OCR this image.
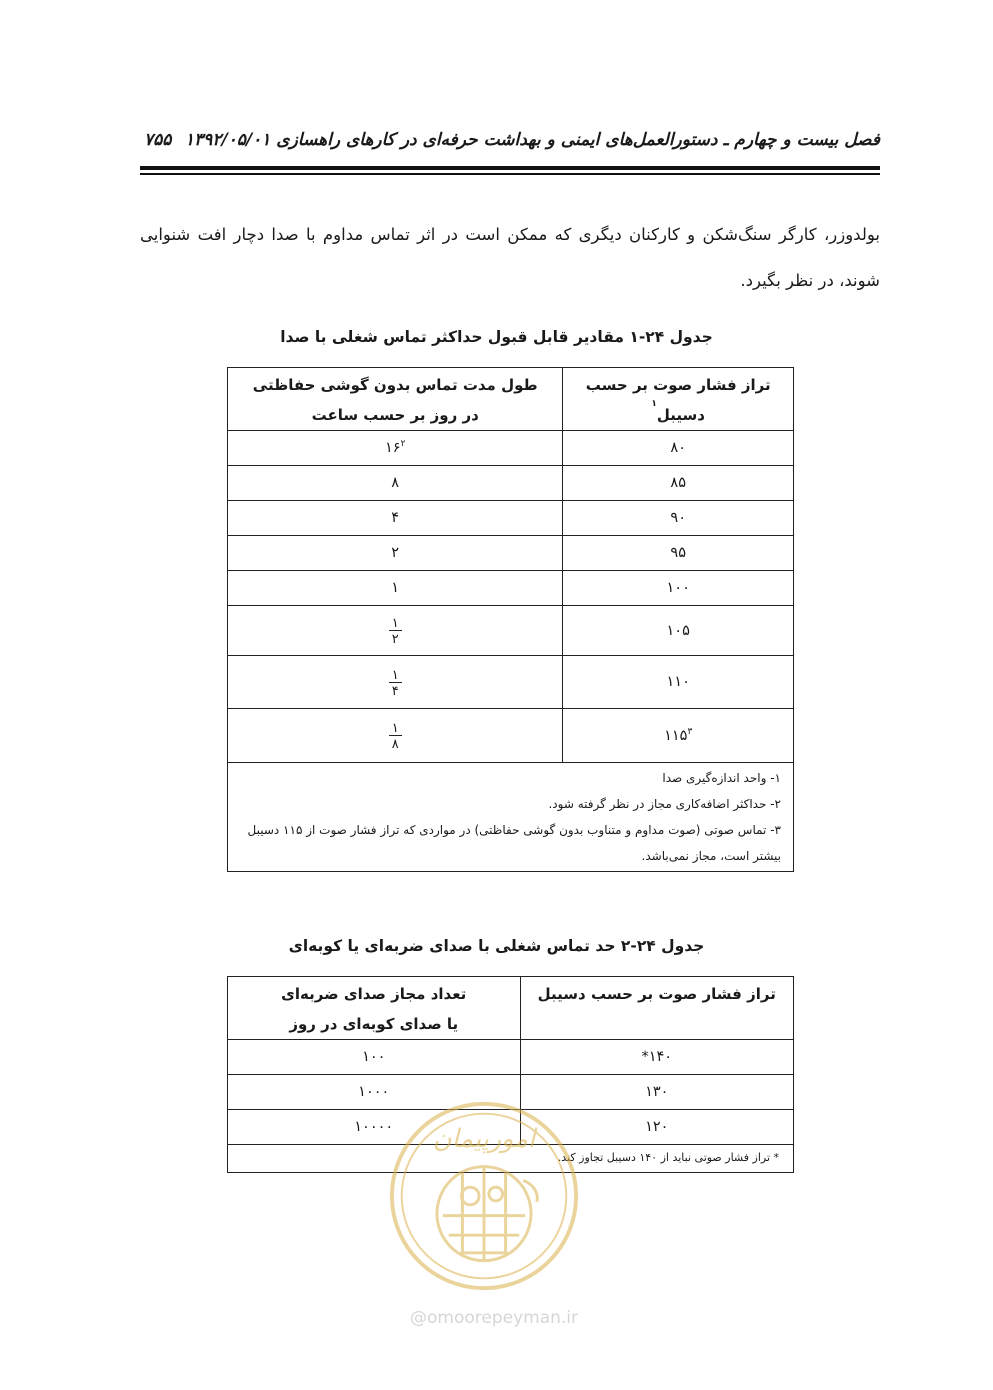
فصل بیست و چهارم ـ دستورالعمل‌های ایمنی و بهداشت حرفه‌ای در کارهای راهسازی ۱۳۹۲/۰۵/۰۱
۷۵۵
بولدوزر، کارگر سنگ‌شکن و کارکنان دیگری که ممکن است در اثر تماس مداوم با صدا دچار افت شنوایی شوند، در نظر بگیرد.
جدول ۲۴-۱ مقادیر قابل قبول حداکثر تماس شغلی با صدا
تراز فشار صوت بر حسب دسیبل$^۱$	طول مدت تماس بدون گوشی حفاظتی
در روز بر حسب ساعت

۸۰	$۱۶^۲$
۸۵	۸
۹۰	۴
۹۵	۲
۱۰۰	۱
۱۰۵	$\frac{۱}{۲}$

۱۱۰	$\frac{۱}{۴}$

$۱۱۵^۳$	$\frac{۱}{۸}$

۱- واحد اندازه‌گیری صدا
۲- حداکثر اضافه‌کاری مجاز در نظر گرفته شود.
۳- تماس صوتی (صوت مداوم و متناوب بدون گوشی حفاظتی) در مواردی که تراز فشار صوت از ۱۱۵ دسیبل بیشتر است، مجاز نمی‌باشد.	
جدول ۲۴-۲ حد تماس شغلی با صدای ضربه‌ای یا کوبه‌ای
تراز فشار صوت بر حسب دسیبل	تعداد مجاز صدای ضربه‌ای
یا صدای کوبه‌ای در روز

۱۴۰*	۱۰۰
۱۳۰	۱۰۰۰
۱۲۰	۱۰۰۰۰
* تراز فشار صوتی نباید از ۱۴۰ دسیبل تجاوز کند.	
امورپیمان
@omoorepeyman.ir
